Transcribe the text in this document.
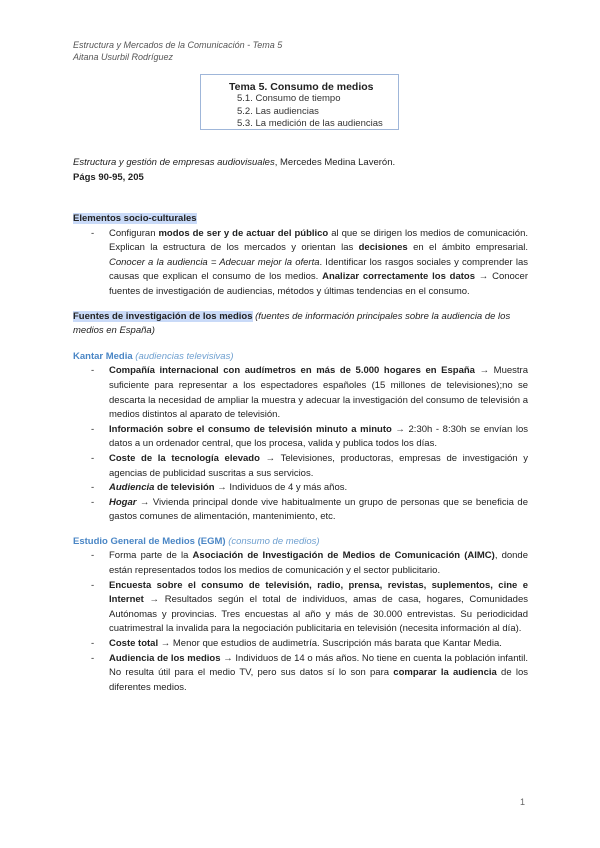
Estructura y Mercados de la Comunicación - Tema 5
Aitana Usurbil Rodríguez
Tema 5. Consumo de medios
5.1. Consumo de tiempo
5.2. Las audiencias
5.3. La medición de las audiencias
Estructura y gestión de empresas audiovisuales, Mercedes Medina Laverón.
Págs 90-95, 205
Elementos socio-culturales
- Configuran modos de ser y de actuar del público al que se dirigen los medios de comunicación. Explican la estructura de los mercados y orientan las decisiones en el ámbito empresarial. Conocer a la audiencia = Adecuar mejor la oferta. Identificar los rasgos sociales y comprender las causas que explican el consumo de los medios. Analizar correctamente los datos → Conocer fuentes de investigación de audiencias, métodos y últimas tendencias en el consumo.
Fuentes de investigación de los medios (fuentes de información principales sobre la audiencia de los medios en España)
Kantar Media (audiencias televisivas)
- Compañía internacional con audímetros en más de 5.000 hogares en España → Muestra suficiente para representar a los espectadores españoles (15 millones de televisiones);no se descarta la necesidad de ampliar la muestra y adecuar la investigación del consumo de televisión a medios distintos al aparato de televisión.
- Información sobre el consumo de televisión minuto a minuto → 2:30h - 8:30h se envían los datos a un ordenador central, que los procesa, valida y publica todos los días.
- Coste de la tecnología elevado → Televisiones, productoras, empresas de investigación y agencias de publicidad suscritas a sus servicios.
- Audiencia de televisión → Individuos de 4 y más años.
- Hogar → Vivienda principal donde vive habitualmente un grupo de personas que se beneficia de gastos comunes de alimentación, mantenimiento, etc.
Estudio General de Medios (EGM) (consumo de medios)
- Forma parte de la Asociación de Investigación de Medios de Comunicación (AIMC), donde están representados todos los medios de comunicación y el sector publicitario.
- Encuesta sobre el consumo de televisión, radio, prensa, revistas, suplementos, cine e Internet → Resultados según el total de individuos, amas de casa, hogares, Comunidades Autónomas y provincias. Tres encuestas al año y más de 30.000 entrevistas. Su periodicidad cuatrimestral la invalida para la negociación publicitaria en televisión (necesita información al día).
- Coste total → Menor que estudios de audimetría. Suscripción más barata que Kantar Media.
- Audiencia de los medios → Individuos de 14 o más años. No tiene en cuenta la población infantil. No resulta útil para el medio TV, pero sus datos sí lo son para comparar la audiencia de los diferentes medios.
1
